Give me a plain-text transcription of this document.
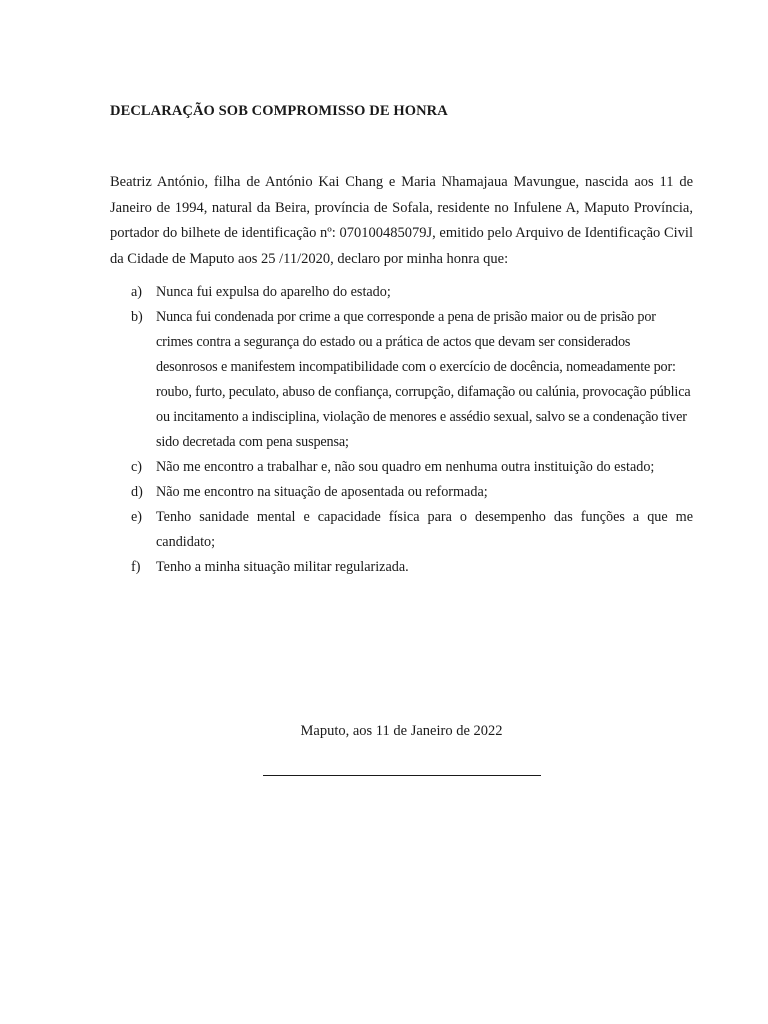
DECLARAÇÃO SOB COMPROMISSO DE HONRA

Beatriz António, filha de António Kai Chang e Maria Nhamajaua Mavungue, nascida aos 11 de Janeiro de 1994, natural da Beira, província de Sofala, residente no Infulene A, Maputo Província, portador do bilhete de identificação nº: 070100485079J, emitido pelo Arquivo de Identificação Civil da Cidade de Maputo aos 25 /11/2020, declaro por minha honra que:

a) Nunca fui expulsa do aparelho do estado;
b) Nunca fui condenada por crime a que corresponde a pena de prisão maior ou de prisão por crimes contra a segurança do estado ou a prática de actos que devam ser considerados desonrosos e manifestem incompatibilidade com o exercício de docência, nomeadamente por: roubo, furto, peculato, abuso de confiança, corrupção, difamação ou calúnia, provocação pública ou incitamento a indisciplina, violação de menores e assédio sexual, salvo se a condenação tiver sido decretada com pena suspensa;
c) Não me encontro a trabalhar e, não sou quadro em nenhuma outra instituição do estado;
d) Não me encontro na situação de aposentada ou reformada;
e) Tenho sanidade mental e capacidade física para o desempenho das funções a que me candidato;
f) Tenho a minha situação militar regularizada.
Maputo, aos 11 de Janeiro de 2022
